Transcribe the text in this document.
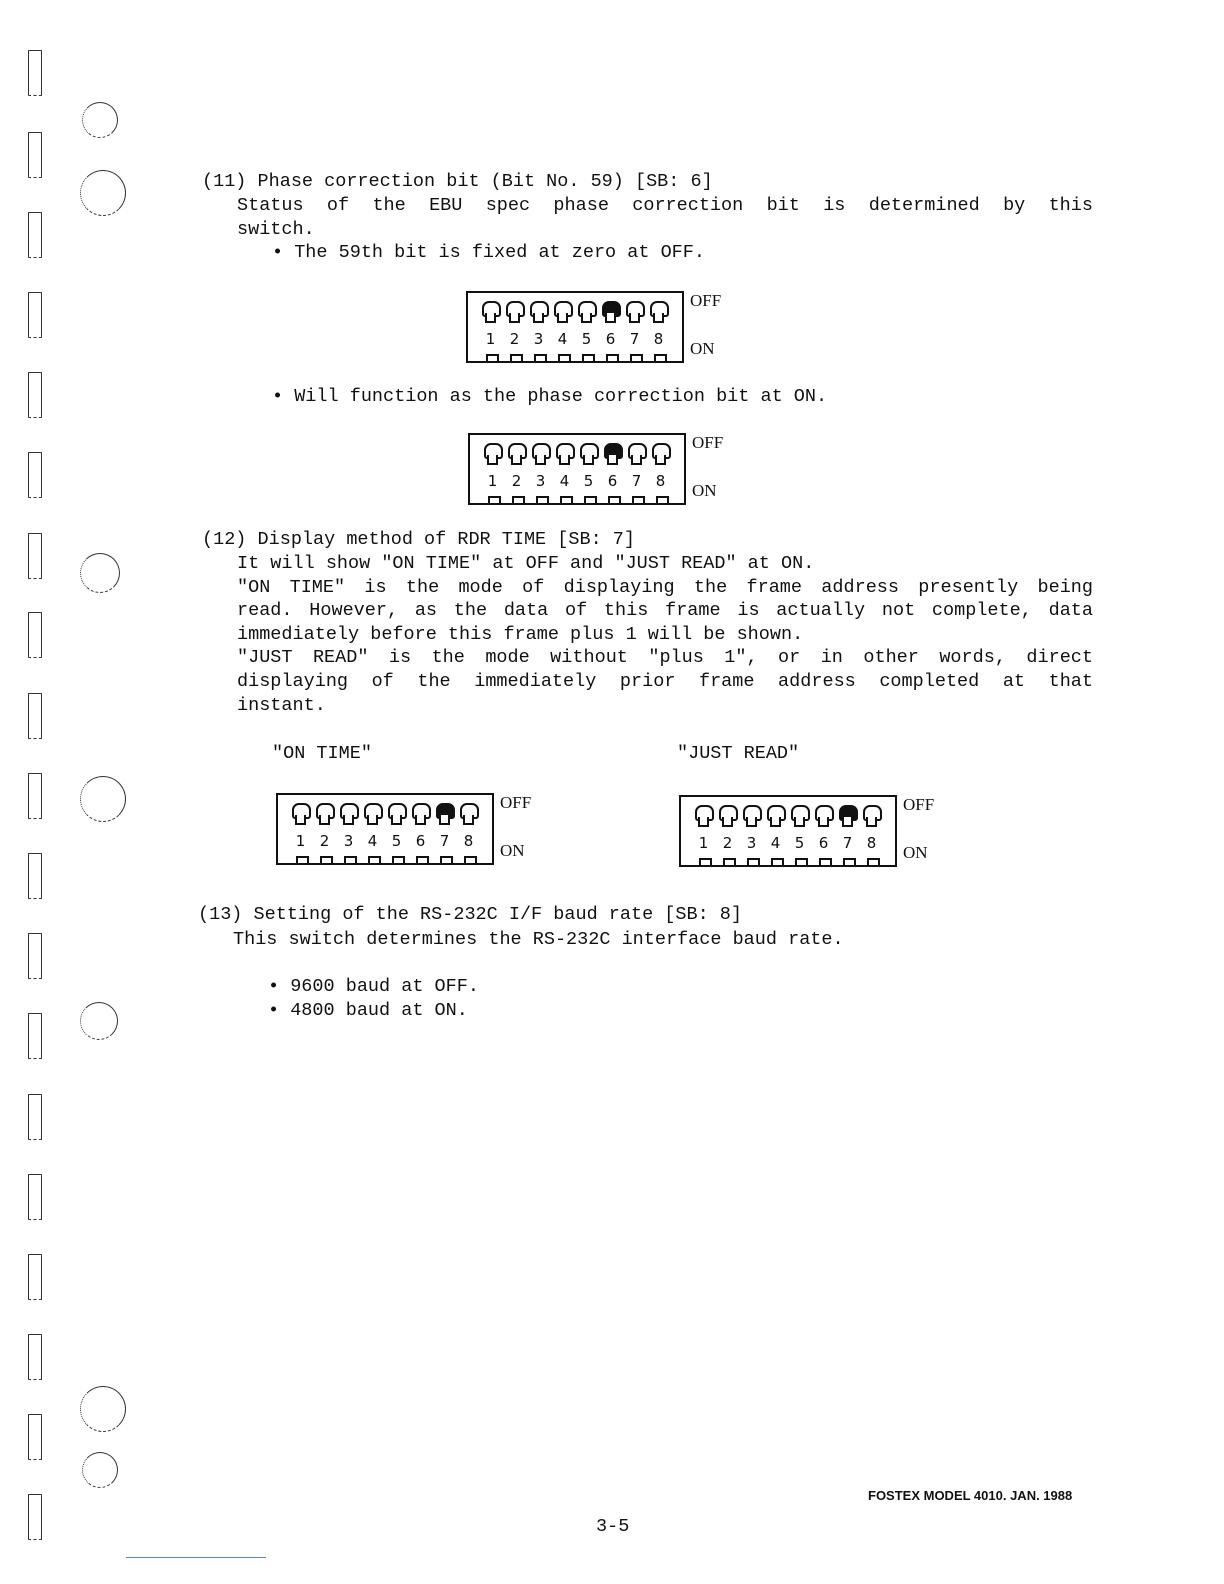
(11) Phase correction bit (Bit No. 59) [SB: 6]
Status of the EBU spec phase correction bit is determined by this
switch.
• The 59th bit is fixed at zero at OFF.
1 2 3 4 5 6 7 8
OFF
ON
• Will function as the phase correction bit at ON.
1 2 3 4 5 6 7 8
OFF
ON
(12) Display method of RDR TIME [SB: 7]
It will show "ON TIME" at OFF and "JUST READ" at ON.
"ON TIME" is the mode of displaying the frame address presently being
read. However, as the data of this frame is actually not complete, data
immediately before this frame plus 1 will be shown.
"JUST READ" is the mode without "plus 1", or in other words, direct
displaying of the immediately prior frame address completed at that
instant.
"ON TIME"	"JUST READ"
1 2 3 4 5 6 7 8
OFF
ON	1 2 3 4 5 6 7 8
OFF
ON
(13) Setting of the RS-232C I/F baud rate [SB: 8]
This switch determines the RS-232C interface baud rate.
• 9600 baud at OFF.
• 4800 baud at ON.
FOSTEX MODEL 4010. JAN. 1988
3-5
